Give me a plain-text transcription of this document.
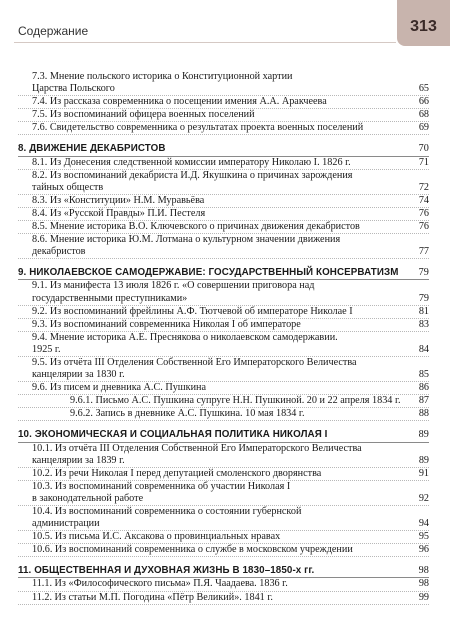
Содержание	313
7.3. Мнение польского историка о Конституционной хартии
Царства Польского	65
7.4. Из рассказа современника о посещении имения А.А. Аракчеева	66
7.5. Из воспоминаний офицера военных поселений	68
7.6. Свидетельство современника о результатах проекта военных поселений	69
8. ДВИЖЕНИЕ ДЕКАБРИСТОВ	70
8.1. Из Донесения следственной комиссии императору Николаю I. 1826 г.	71
8.2. Из воспоминаний декабриста И.Д. Якушкина о причинах зарождения
тайных обществ	72
8.3. Из «Конституции» Н.М. Муравьёва	74
8.4. Из «Русской Правды» П.И. Пестеля	76
8.5. Мнение историка В.О. Ключевского о причинах движения декабристов	76
8.6. Мнение историка Ю.М. Лотмана о культурном значении движения
декабристов	77
9. НИКОЛАЕВСКОЕ САМОДЕРЖАВИЕ: ГОСУДАРСТВЕННЫЙ КОНСЕРВАТИЗМ	79
9.1. Из манифеста 13 июля 1826 г. «О совершении приговора над
государственными преступниками»	79
9.2. Из воспоминаний фрейлины А.Ф. Тютчевой об императоре Николае I	81
9.3. Из воспоминаний современника Николая I об императоре	83
9.4. Мнение историка А.Е. Преснякова о николаевском самодержавии.
1925 г.	84
9.5. Из отчёта III Отделения Собственной Его Императорского Величества
канцелярии за 1830 г.	85
9.6. Из писем и дневника А.С. Пушкина	86
9.6.1. Письмо А.С. Пушкина супруге Н.Н. Пушкиной. 20 и 22 апреля 1834 г.	87
9.6.2. Запись в дневнике А.С. Пушкина. 10 мая 1834 г.	88
10. ЭКОНОМИЧЕСКАЯ И СОЦИАЛЬНАЯ ПОЛИТИКА НИКОЛАЯ I	89
10.1. Из отчёта III Отделения Собственной Его Императорского Величества
канцелярии за 1839 г.	89
10.2. Из речи Николая I перед депутацией смоленского дворянства	91
10.3. Из воспоминаний современника об участии Николая I
в законодательной работе	92
10.4. Из воспоминаний современника о состоянии губернской
администрации	94
10.5. Из письма И.С. Аксакова о провинциальных нравах	95
10.6. Из воспоминаний современника о службе в московском учреждении	96
11. ОБЩЕСТВЕННАЯ И ДУХОВНАЯ ЖИЗНЬ В 1830–1850-х гг.	98
11.1. Из «Философического письма» П.Я. Чаадаева. 1836 г.	98
11.2. Из статьи М.П. Погодина «Пётр Великий». 1841 г.	99
